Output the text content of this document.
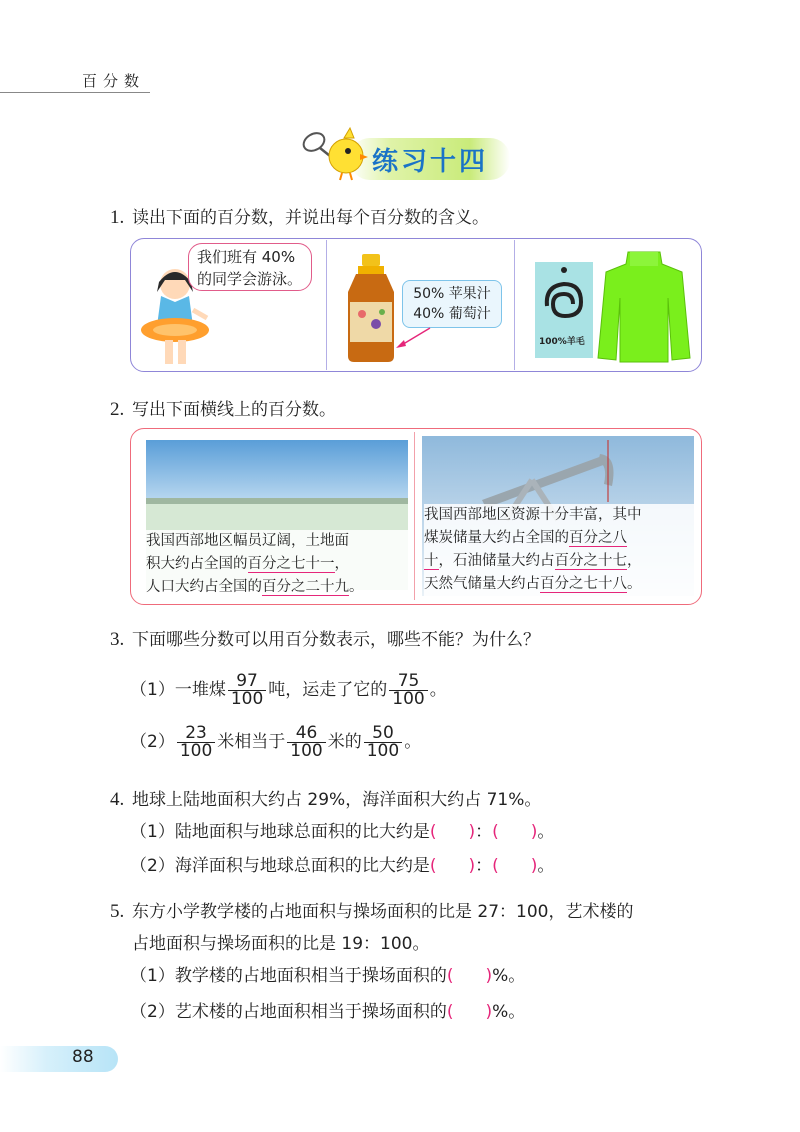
百分数
练习十四
1. 读出下面的百分数，并说出每个百分数的含义。
我们班有 40%
的同学会游泳。
50% 苹果汁
40% 葡萄汁
100%羊毛
2. 写出下面横线上的百分数。
我国西部地区幅员辽阔，土地面
积大约占全国的百分之七十一，
人口大约占全国的百分之二十九。
我国西部地区资源十分丰富，其中
煤炭储量大约占全国的百分之八
十，石油储量大约占百分之十七，
天然气储量大约占百分之七十八。
3. 下面哪些分数可以用百分数表示，哪些不能？为什么？
（1）一堆煤 $\frac{97}{100}$ 吨，运走了它的 $\frac{75}{100}$ 。
$(2) \frac{23}{100}$ 米相当于 $\frac{46}{100}$ 米的 $\frac{50}{100}$ 。
4. 地球上陆地面积大约占 29%，海洋面积大约占 71%。
（1）陆地面积与地球总面积的比大约是( )：( )。
（2）海洋面积与地球总面积的比大约是( )：( )。
5. 东方小学教学楼的占地面积与操场面积的比是 27：100，艺术楼的
占地面积与操场面积的比是 19：100。
（1）教学楼的占地面积相当于操场面积的( )%。
（2）艺术楼的占地面积相当于操场面积的( )%。
88
